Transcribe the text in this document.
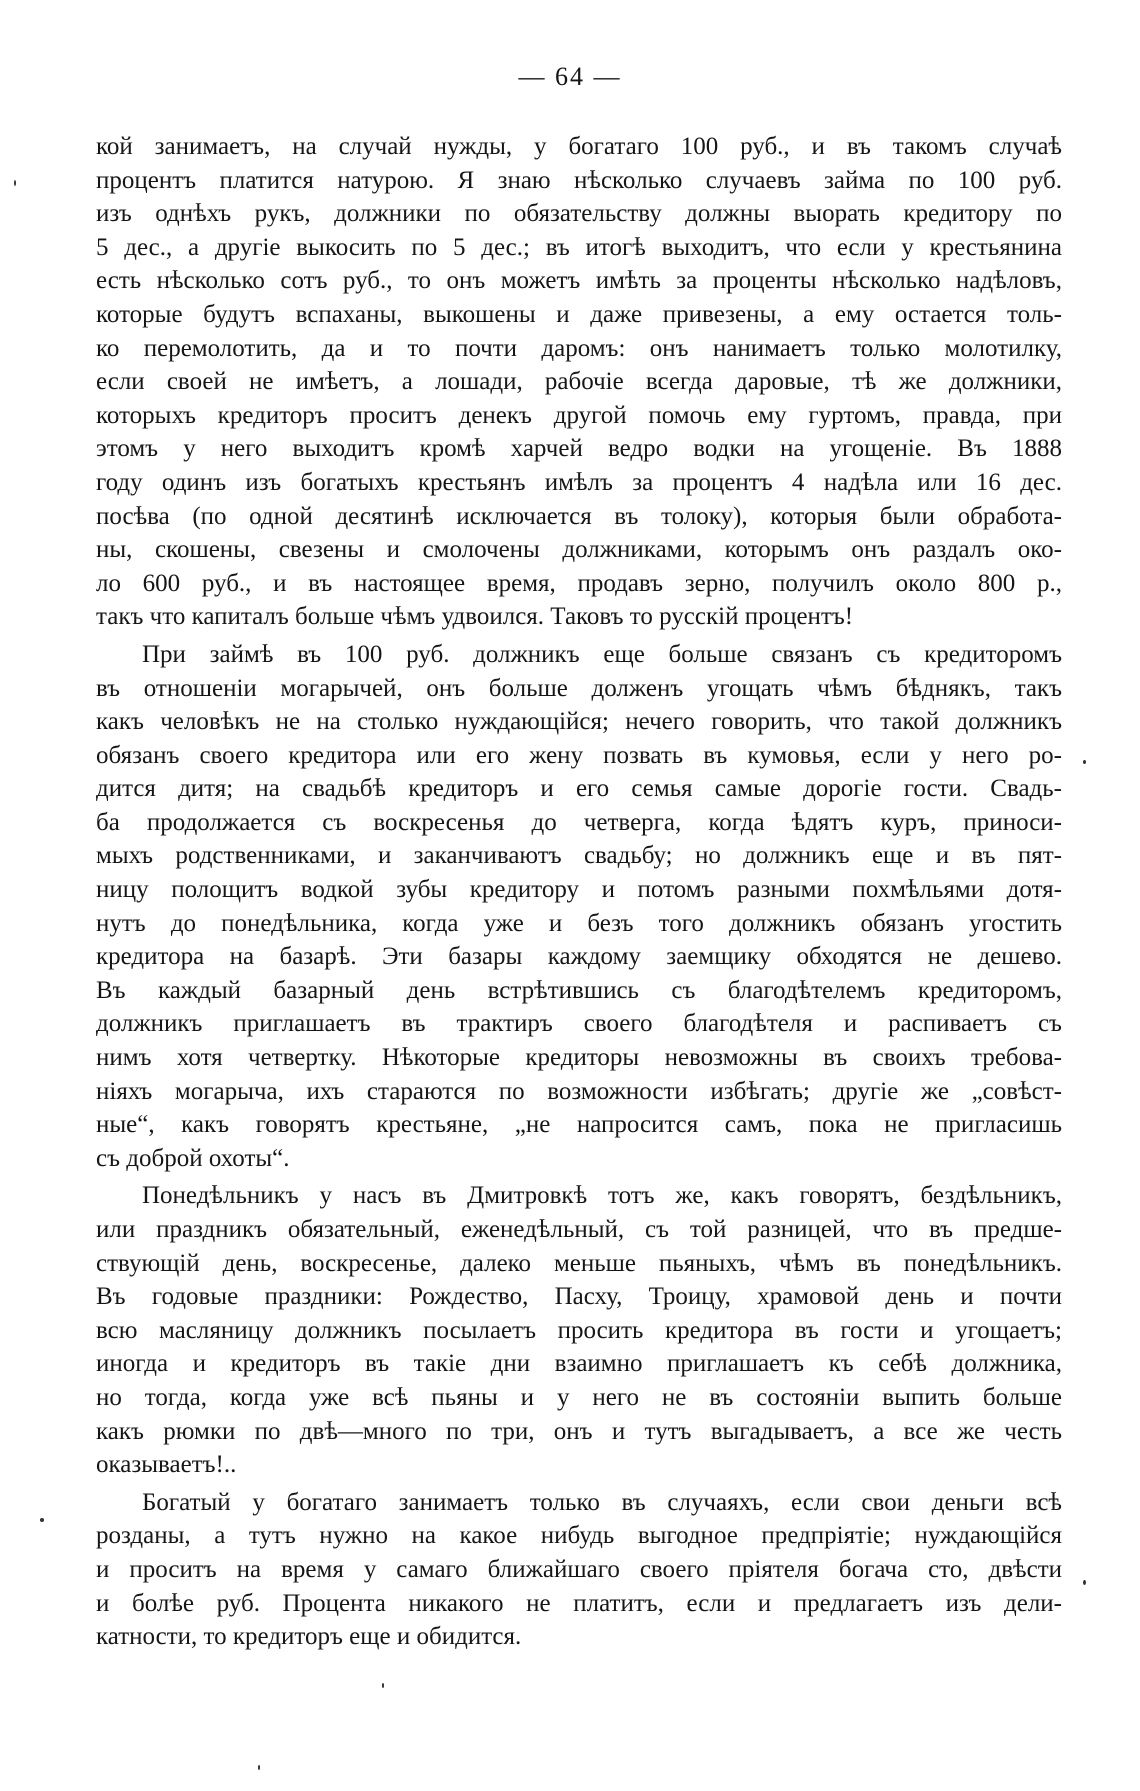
— 64 —
кой занимаетъ, на случай нужды, у богатаго 100 руб., и въ такомъ случаѣ
процентъ платится натурою. Я знаю нѣсколько случаевъ займа по 100 руб.
изъ однѣхъ рукъ, должники по обязательству должны выорать кредитору по
5 дес., а другіе выкосить по 5 дес.; въ итогѣ выходитъ, что если у крестьянина
есть нѣсколько сотъ руб., то онъ можетъ имѣть за проценты нѣсколько надѣловъ,
которые будутъ вспаханы, выкошены и даже привезены, а ему остается толь-
ко перемолотить, да и то почти даромъ: онъ нанимаетъ только молотилку,
если своей не имѣетъ, а лошади, рабочіе всегда даровые, тѣ же должники,
которыхъ кредиторъ проситъ денекъ другой помочь ему гуртомъ, правда, при
этомъ у него выходитъ кромѣ харчей ведро водки на угощеніе. Въ 1888
году одинъ изъ богатыхъ крестьянъ имѣлъ за процентъ 4 надѣла или 16 дес.
посѣва (по одной десятинѣ исключается въ толоку), которыя были обработа-
ны, скошены, свезены и смолочены должниками, которымъ онъ раздалъ око-
ло 600 руб., и въ настоящее время, продавъ зерно, получилъ около 800 р.,
такъ что капиталъ больше чѣмъ удвоился. Таковъ то русскій процентъ!
При займѣ въ 100 руб. должникъ еще больше связанъ съ кредиторомъ
въ отношеніи могарычей, онъ больше долженъ угощать чѣмъ бѣднякъ, такъ
какъ человѣкъ не на столько нуждающійся; нечего говорить, что такой должникъ
обязанъ своего кредитора или его жену позвать въ кумовья, если у него ро-
дится дитя; на свадьбѣ кредиторъ и его семья самые дорогіе гости. Свадь-
ба продолжается съ воскресенья до четверга, когда ѣдятъ куръ, приноси-
мыхъ родственниками, и заканчиваютъ свадьбу; но должникъ еще и въ пят-
ницу полощитъ водкой зубы кредитору и потомъ разными похмѣльями дотя-
нутъ до понедѣльника, когда уже и безъ того должникъ обязанъ угостить
кредитора на базарѣ. Эти базары каждому заемщику обходятся не дешево.
Въ каждый базарный день встрѣтившись съ благодѣтелемъ кредиторомъ,
должникъ приглашаетъ въ трактиръ своего благодѣтеля и распиваетъ съ
нимъ хотя четвертку. Нѣкоторые кредиторы невозможны въ своихъ требова-
ніяхъ могарыча, ихъ стараются по возможности избѣгать; другіе же „совѣст-
ные“, какъ говорятъ крестьяне, „не напросится самъ, пока не пригласишь
съ доброй охоты“.
Понедѣльникъ у насъ въ Дмитровкѣ тотъ же, какъ говорятъ, бездѣльникъ,
или праздникъ обязательный, еженедѣльный, съ той разницей, что въ предше-
ствующій день, воскресенье, далеко меньше пьяныхъ, чѣмъ въ понедѣльникъ.
Въ годовые праздники: Рождество, Пасху, Троицу, храмовой день и почти
всю масляницу должникъ посылаетъ просить кредитора въ гости и угощаетъ;
иногда и кредиторъ въ такіе дни взаимно приглашаетъ къ себѣ должника,
но тогда, когда уже всѣ пьяны и у него не въ состояніи выпить больше
какъ рюмки по двѣ—много по три, онъ и тутъ выгадываетъ, а все же честь
оказываетъ!..
Богатый у богатаго занимаетъ только въ случаяхъ, если свои деньги всѣ
розданы, а тутъ нужно на какое нибудь выгодное предпріятіе; нуждающійся
и проситъ на время у самаго ближайшаго своего пріятеля богача сто, двѣсти
и болѣе руб. Процента никакого не платитъ, если и предлагаетъ изъ дели-
катности, то кредиторъ еще и обидится.
